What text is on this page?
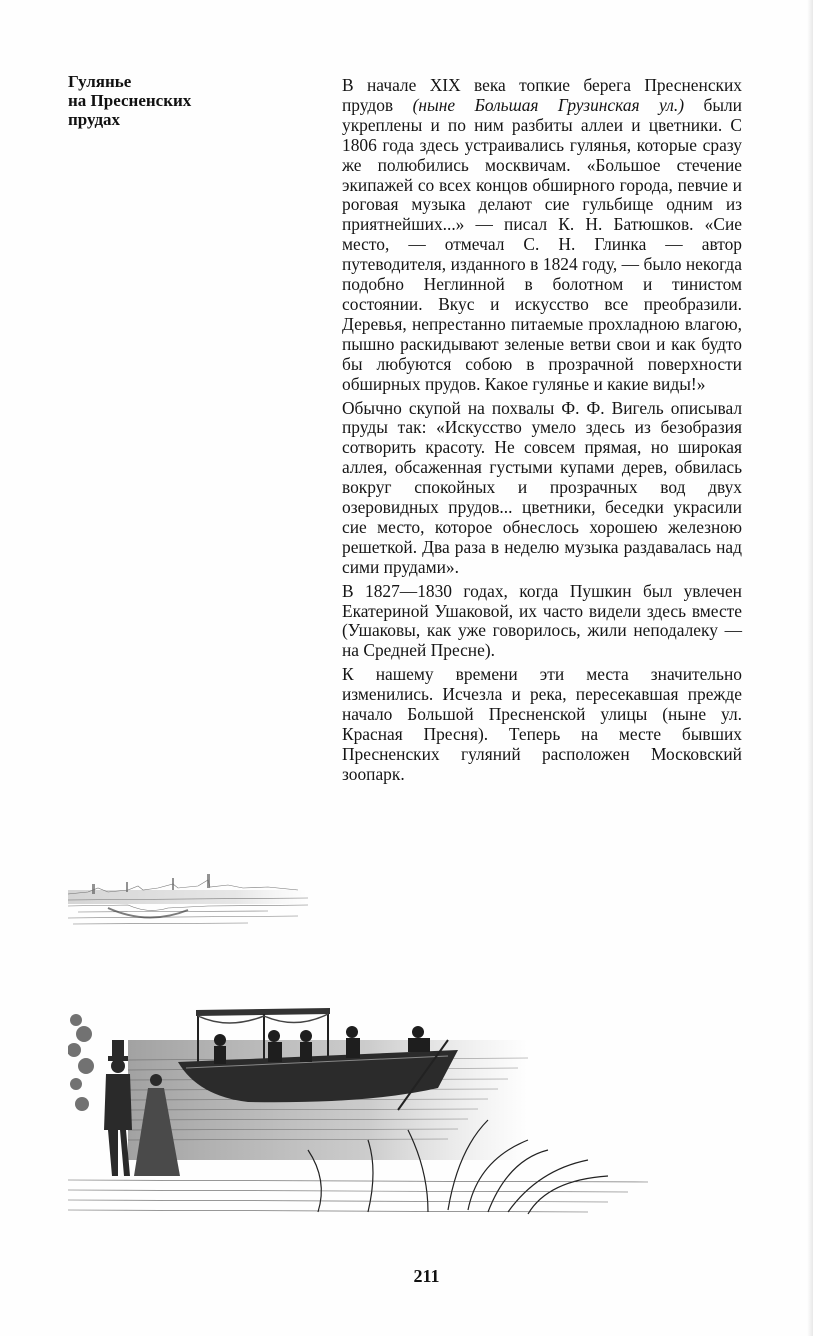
Гулянье
на Пресненских
прудах

В начале XIX века топкие берега Пресненских прудов (ныне Большая Грузинская ул.) были укреплены и по ним разбиты аллеи и цветники. С 1806 года здесь устраивались гулянья, которые сразу же полюбились москвичам. «Большое стечение экипажей со всех концов обширного города, певчие и роговая музыка делают сие гульбище одним из приятнейших...» — писал К. Н. Батюшков. «Сие место, — отмечал С. Н. Глинка — автор путеводителя, изданного в 1824 году, — было некогда подобно Неглинной в болотном и тинистом состоянии. Вкус и искусство все преобразили. Деревья, непрестанно питаемые прохладною влагою, пышно раскидывают зеленые ветви свои и как будто бы любуются собою в прозрачной поверхности обширных прудов. Какое гулянье и какие виды!»

Обычно скупой на похвалы Ф. Ф. Вигель описывал пруды так: «Искусство умело здесь из безобразия сотворить красоту. Не совсем прямая, но широкая аллея, обсаженная густыми купами дерев, обвилась вокруг спокойных и прозрачных вод двух озеровидных прудов... цветники, беседки украсили сие место, которое обнеслось хорошею железною решеткой. Два раза в неделю музыка раздавалась над сими прудами».

В 1827—1830 годах, когда Пушкин был увлечен Екатериной Ушаковой, их часто видели здесь вместе (Ушаковы, как уже говорилось, жили неподалеку — на Средней Пресне).

К нашему времени эти места значительно изменились. Исчезла и река, пересекавшая прежде начало Большой Пресненской улицы (ныне ул. Красная Пресня). Теперь на месте бывших Пресненских гуляний расположен Московский зоопарк.

211
